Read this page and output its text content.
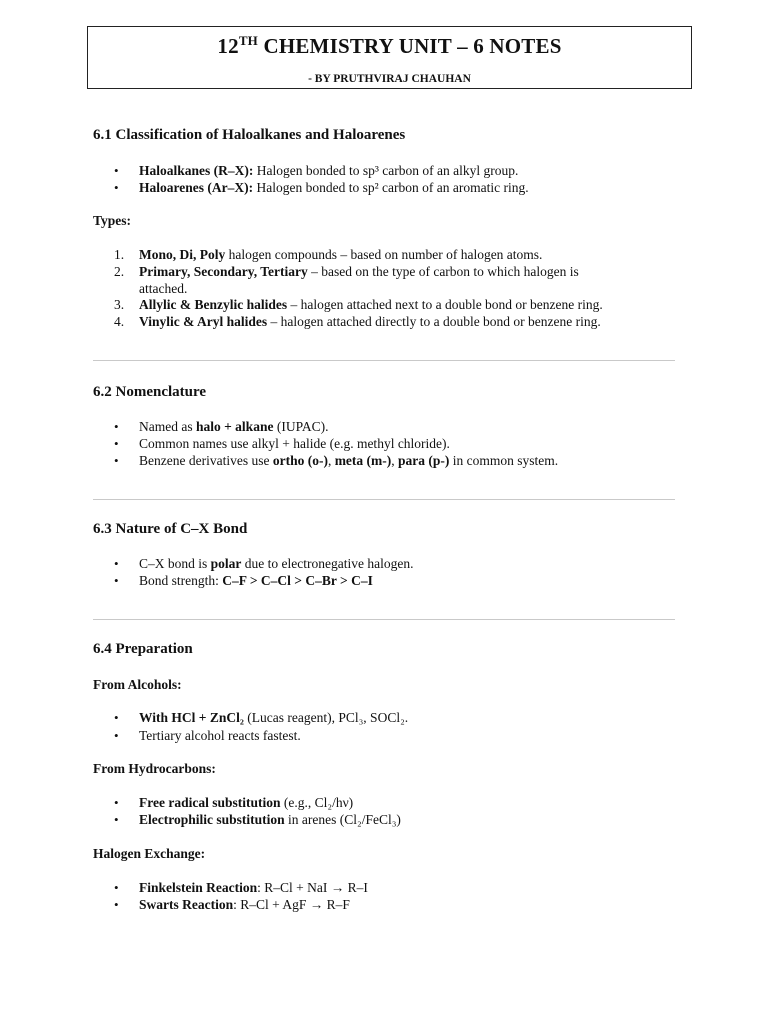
12TH CHEMISTRY UNIT – 6 NOTES
- BY PRUTHVIRAJ CHAUHAN
6.1 Classification of Haloalkanes and Haloarenes
• Haloalkanes (R–X): Halogen bonded to sp³ carbon of an alkyl group.
• Haloarenes (Ar–X): Halogen bonded to sp² carbon of an aromatic ring.
Types:
1. Mono, Di, Poly halogen compounds – based on number of halogen atoms.
2. Primary, Secondary, Tertiary – based on the type of carbon to which halogen is
attached.
3. Allylic & Benzylic halides – halogen attached next to a double bond or benzene ring.
4. Vinylic & Aryl halides – halogen attached directly to a double bond or benzene ring.
6.2 Nomenclature
• Named as halo + alkane (IUPAC).
• Common names use alkyl + halide (e.g. methyl chloride).
• Benzene derivatives use ortho (o-), meta (m-), para (p-) in common system.
6.3 Nature of C–X Bond
• C–X bond is polar due to electronegative halogen.
• Bond strength: C–F > C–Cl > C–Br > C–I
6.4 Preparation
From Alcohols:
• With HCl + ZnCl₂ (Lucas reagent), PCl₃, SOCl₂.
• Tertiary alcohol reacts fastest.
From Hydrocarbons:
• Free radical substitution (e.g., Cl₂/hν)
• Electrophilic substitution in arenes (Cl₂/FeCl₃)
Halogen Exchange:
• Finkelstein Reaction: R–Cl + NaI → R–I
• Swarts Reaction: R–Cl + AgF → R–F
